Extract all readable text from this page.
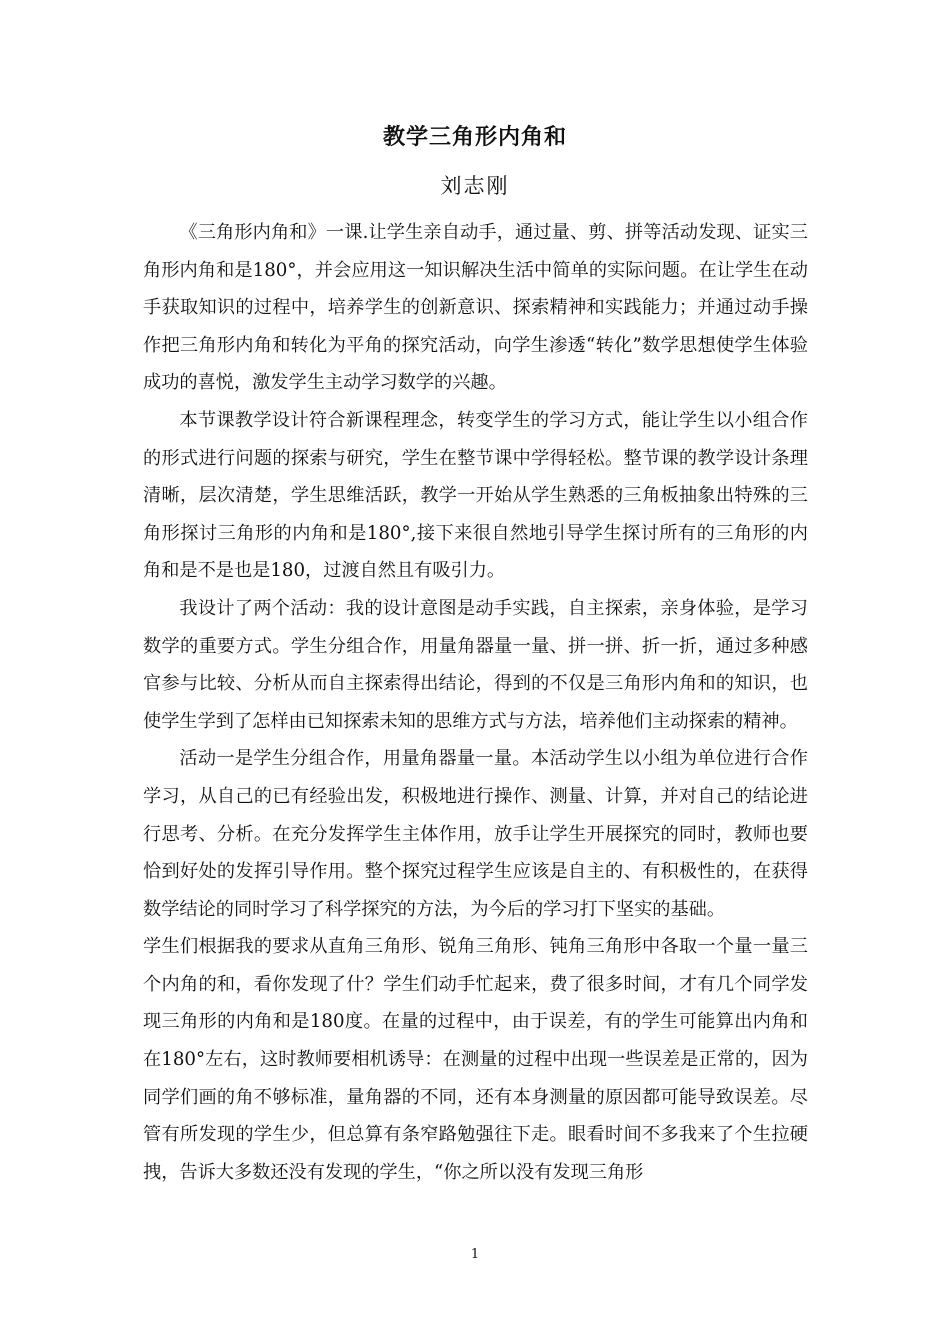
教学三角形内角和
刘志刚

《三角形内角和》一课.让学生亲自动手，通过量、剪、拼等活动发现、证实三角形内角和是180°，并会应用这一知识解决生活中简单的实际问题。在让学生在动手获取知识的过程中，培养学生的创新意识、探索精神和实践能力；并通过动手操作把三角形内角和转化为平角的探究活动，向学生渗透“转化”数学思想使学生体验成功的喜悦，激发学生主动学习数学的兴趣。

本节课教学设计符合新课程理念，转变学生的学习方式，能让学生以小组合作的形式进行问题的探索与研究，学生在整节课中学得轻松。整节课的教学设计条理清晰，层次清楚，学生思维活跃，教学一开始从学生熟悉的三角板抽象出特殊的三角形探讨三角形的内角和是180°,接下来很自然地引导学生探讨所有的三角形的内角和是不是也是180，过渡自然且有吸引力。

我设计了两个活动：我的设计意图是动手实践，自主探索，亲身体验，是学习数学的重要方式。学生分组合作，用量角器量一量、拼一拼、折一折，通过多种感官参与比较、分析从而自主探索得出结论，得到的不仅是三角形内角和的知识，也使学生学到了怎样由已知探索未知的思维方式与方法，培养他们主动探索的精神。

活动一是学生分组合作，用量角器量一量。本活动学生以小组为单位进行合作学习，从自己的已有经验出发，积极地进行操作、测量、计算，并对自己的结论进行思考、分析。在充分发挥学生主体作用，放手让学生开展探究的同时，教师也要恰到好处的发挥引导作用。整个探究过程学生应该是自主的、有积极性的，在获得数学结论的同时学习了科学探究的方法，为今后的学习打下坚实的基础。

学生们根据我的要求从直角三角形、锐角三角形、钝角三角形中各取一个量一量三个内角的和，看你发现了什？学生们动手忙起来，费了很多时间，才有几个同学发现三角形的内角和是180度。在量的过程中，由于误差，有的学生可能算出内角和在180°左右，这时教师要相机诱导：在测量的过程中出现一些误差是正常的，因为同学们画的角不够标准，量角器的不同，还有本身测量的原因都可能导致误差。尽管有所发现的学生少，但总算有条窄路勉强往下走。眼看时间不多我来了个生拉硬拽，告诉大多数还没有发现的学生，“你之所以没有发现三角形

1
